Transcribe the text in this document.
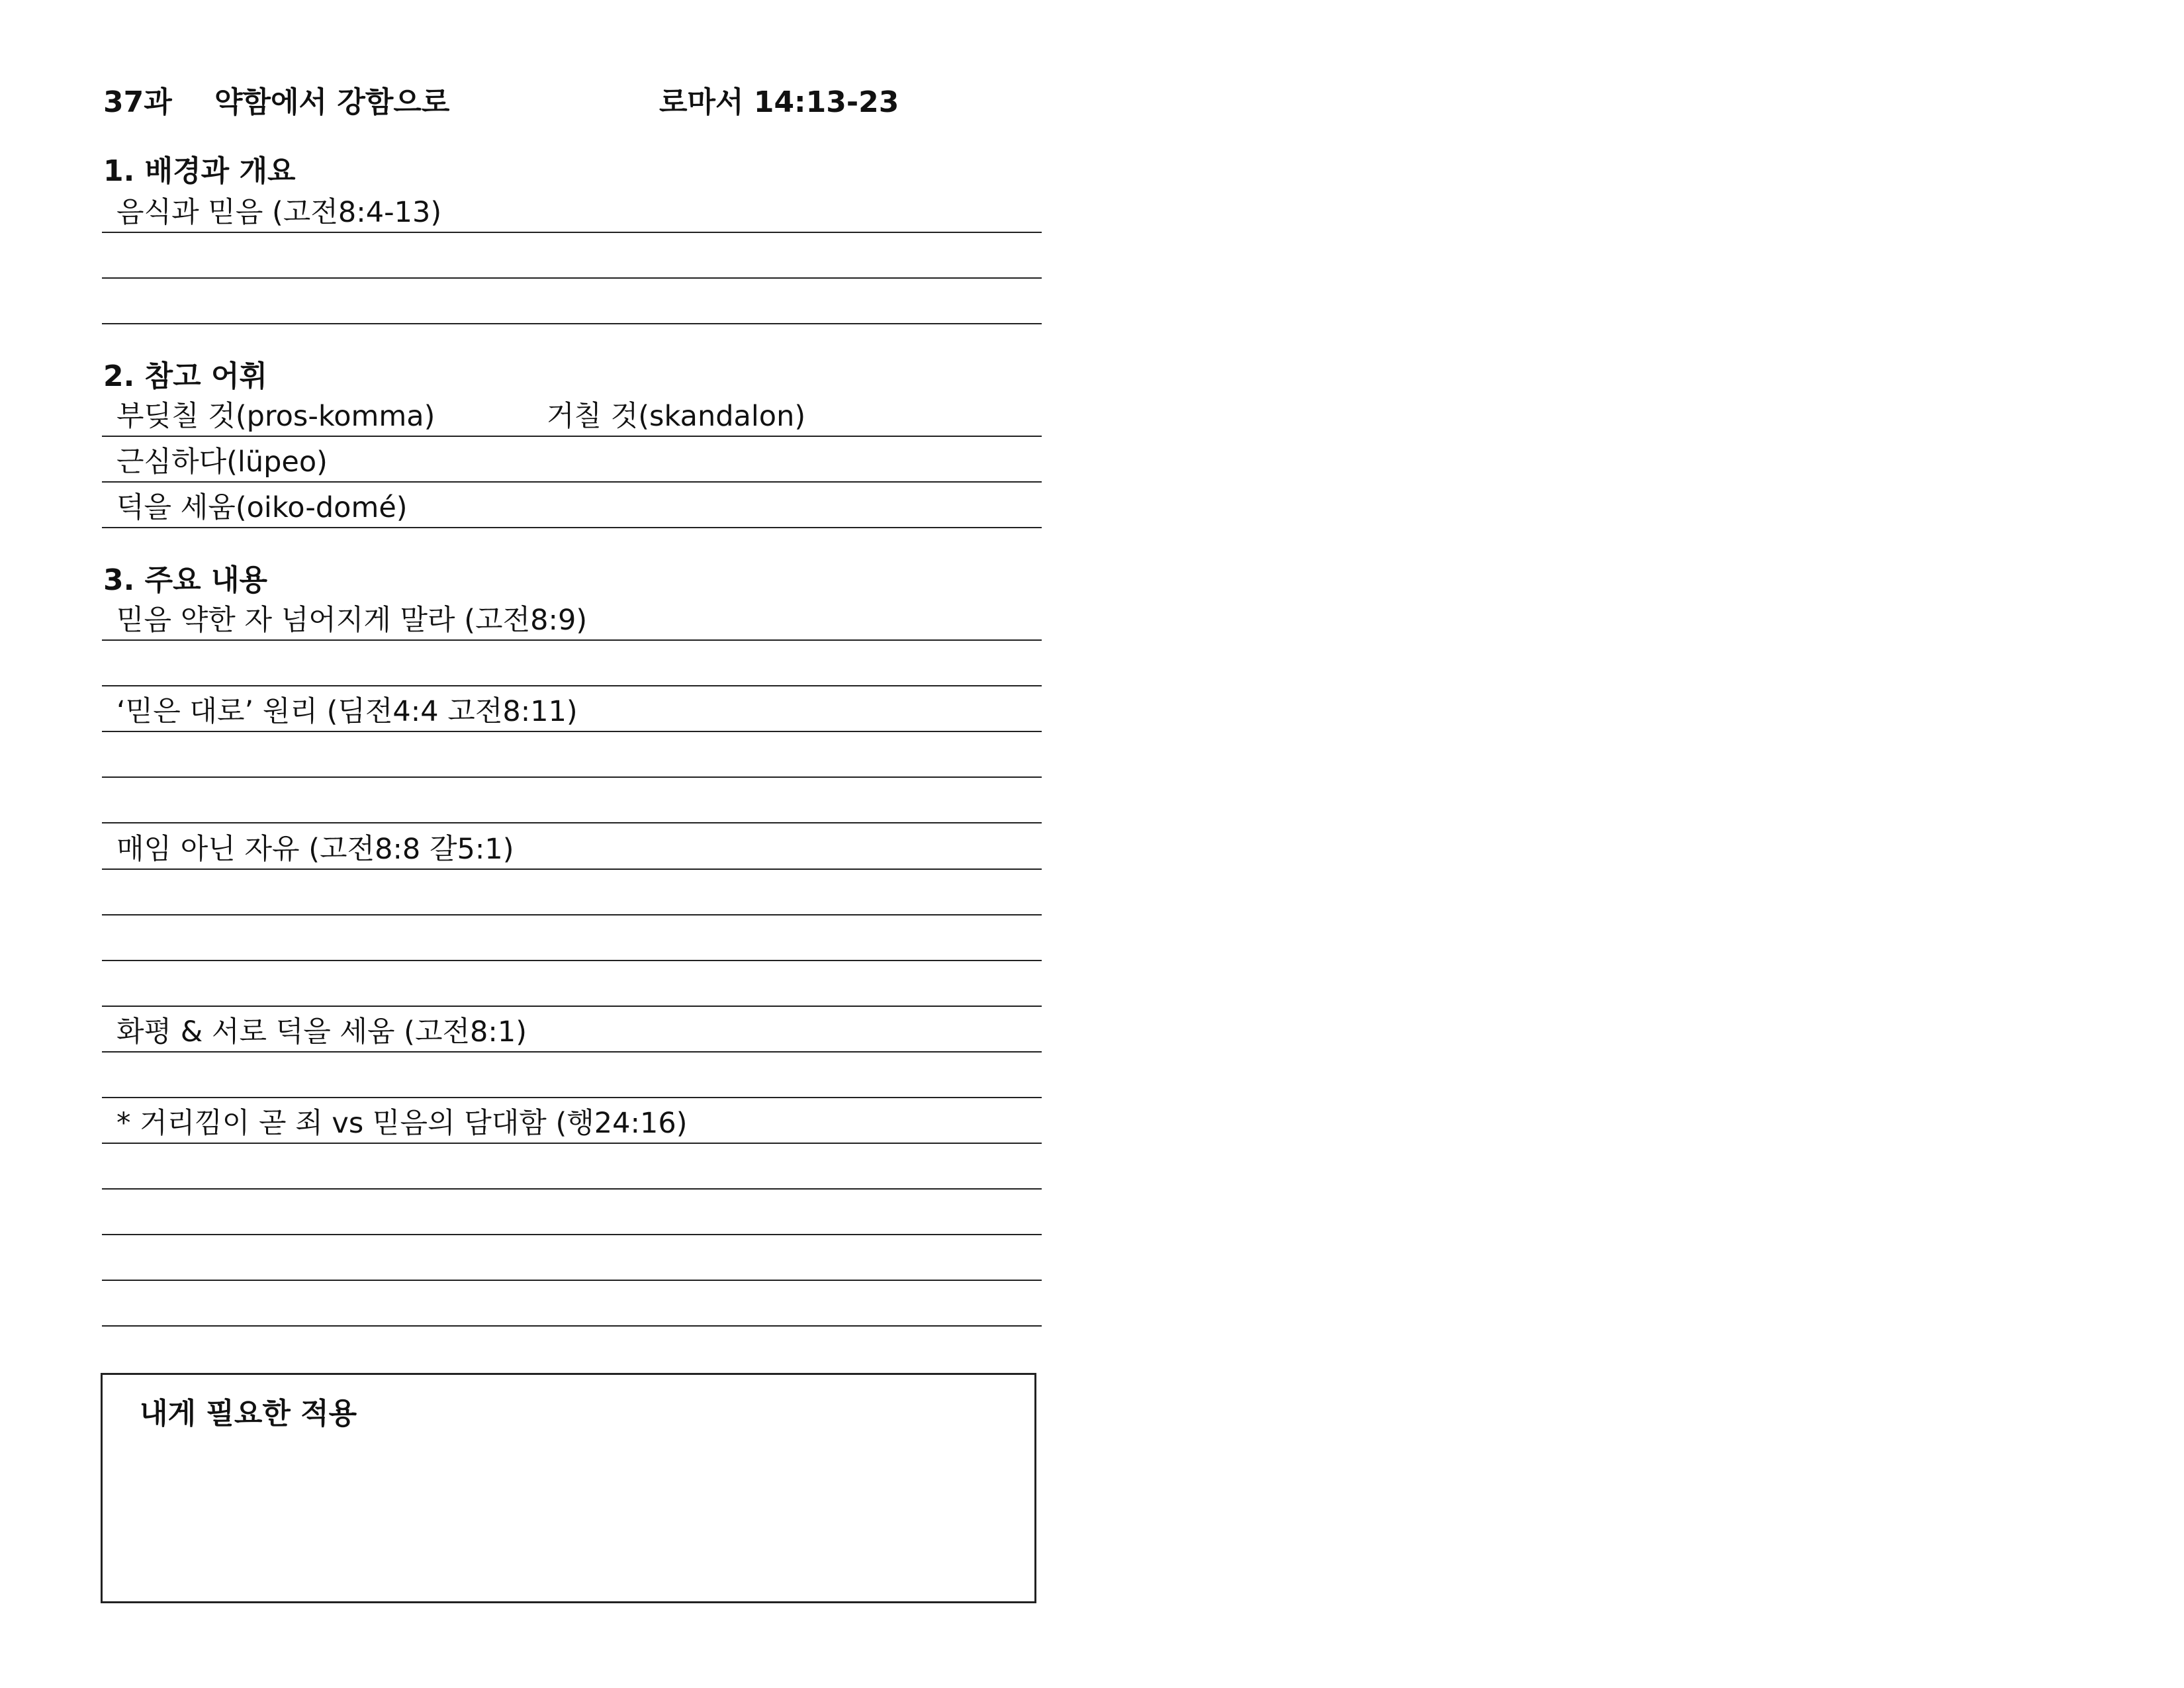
37과 약함에서 강함으로	로마서 14:13-23
1. 배경과 개요
음식과 믿음 (고전8:4-13)
2. 참고 어휘
부딪칠 것(pros-komma)	거칠 것(skandalon)
근심하다(lüpeo)
덕을 세움(oiko-domé)
3. 주요 내용
믿음 약한 자 넘어지게 말라 (고전8:9)
‘믿은 대로’ 원리 (딤전4:4 고전8:11)
매임 아닌 자유 (고전8:8 갈5:1)
화평 & 서로 덕을 세움 (고전8:1)
* 거리낌이 곧 죄 vs 믿음의 담대함 (행24:16)
내게 필요한 적용
